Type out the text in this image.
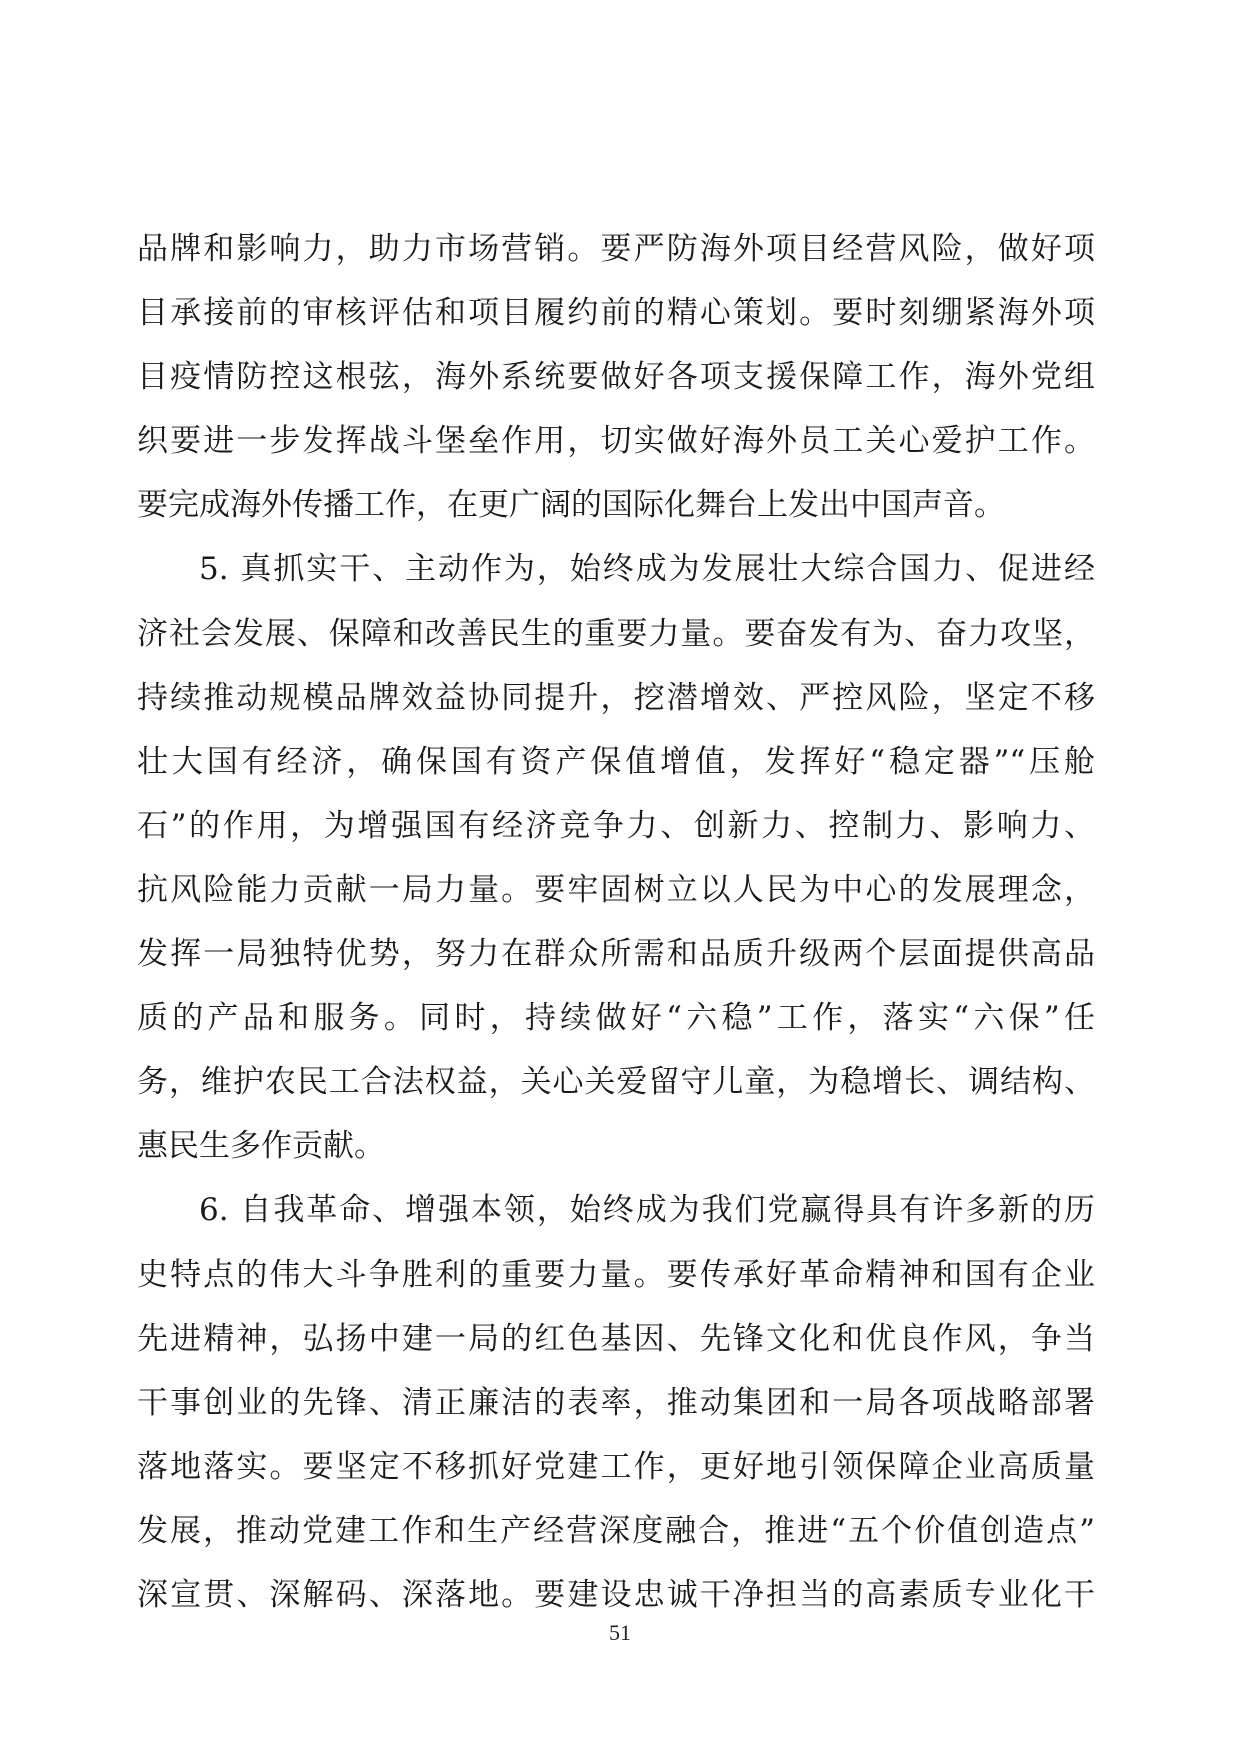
品牌和影响力，助力市场营销。要严防海外项目经营风险，做好项
目承接前的审核评估和项目履约前的精心策划。要时刻绷紧海外项
目疫情防控这根弦，海外系统要做好各项支援保障工作，海外党组
织要进一步发挥战斗堡垒作用，切实做好海外员工关心爱护工作。
要完成海外传播工作，在更广阔的国际化舞台上发出中国声音。
5. 真抓实干、主动作为，始终成为发展壮大综合国力、促进经
济社会发展、保障和改善民生的重要力量。要奋发有为、奋力攻坚，
持续推动规模品牌效益协同提升，挖潜增效、严控风险，坚定不移
壮大国有经济，确保国有资产保值增值，发挥好“稳定器”“压舱
石”的作用，为增强国有经济竞争力、创新力、控制力、影响力、
抗风险能力贡献一局力量。要牢固树立以人民为中心的发展理念，
发挥一局独特优势，努力在群众所需和品质升级两个层面提供高品
质的产品和服务。同时，持续做好“六稳”工作，落实“六保”任
务，维护农民工合法权益，关心关爱留守儿童，为稳增长、调结构、
惠民生多作贡献。
6. 自我革命、增强本领，始终成为我们党赢得具有许多新的历
史特点的伟大斗争胜利的重要力量。要传承好革命精神和国有企业
先进精神，弘扬中建一局的红色基因、先锋文化和优良作风，争当
干事创业的先锋、清正廉洁的表率，推动集团和一局各项战略部署
落地落实。要坚定不移抓好党建工作，更好地引领保障企业高质量
发展，推动党建工作和生产经营深度融合，推进“五个价值创造点”
深宣贯、深解码、深落地。要建设忠诚干净担当的高素质专业化干
51
